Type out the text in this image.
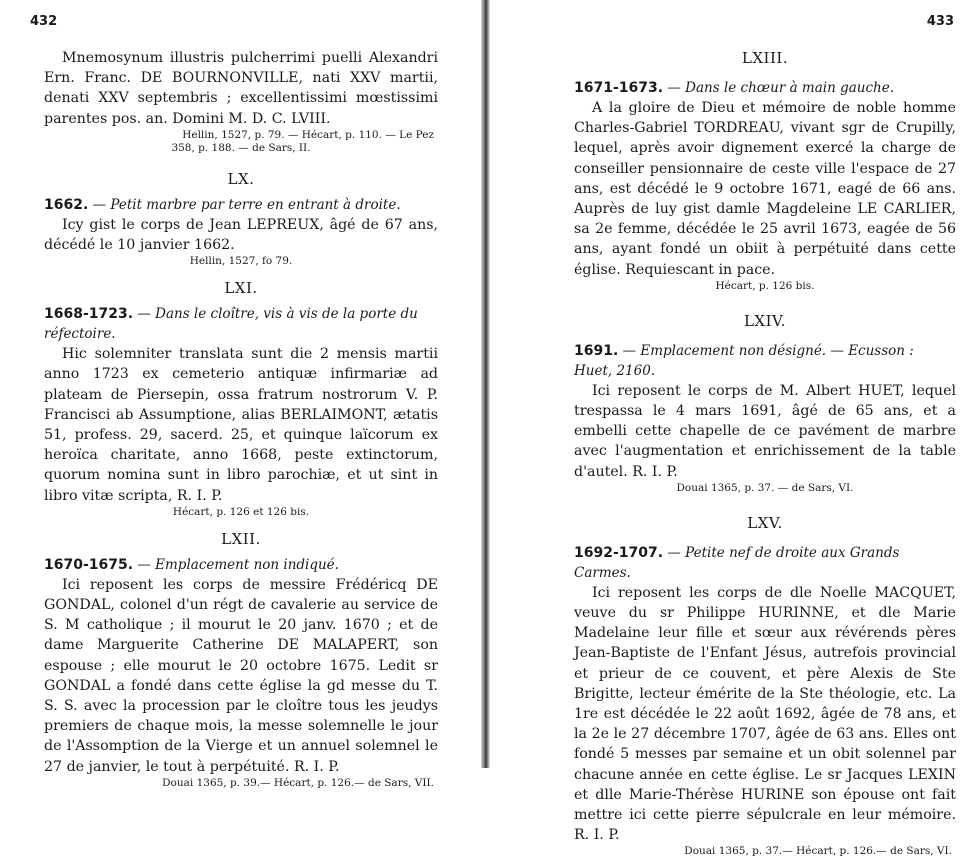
432

Mnemosynum illustris pulcherrimi puelli Alexandri Ern. Franc. DE BOURNONVILLE, nati XXV martii, denati XXV septembris ; excellentissimi mœstissimi parentes pos. an. Domini M. D. C. LVIII.

Hellin, 1527, p. 79. — Hécart, p. 110. — Le Pez
358, p. 188. — de Sars, II.
LX.
1662. — Petit marbre par terre en entrant à droite.

Icy gist le corps de Jean LEPREUX, âgé de 67 ans, décédé le 10 janvier 1662.

Hellin, 1527, fo 79.
LXI.
1668-1723. — Dans le cloître, vis à vis de la porte du réfectoire.

Hic solemniter translata sunt die 2 mensis martii anno 1723 ex cemeterio antiquæ infirmariæ ad plateam de Piersepin, ossa fratrum nostrorum V. P. Francisci ab Assumptione, alias BERLAIMONT, ætatis 51, profess. 29, sacerd. 25, et quinque laïcorum ex heroïca charitate, anno 1668, peste extinctorum, quorum nomina sunt in libro parochiæ, et ut sint in libro vitæ scripta, R. I. P.

Hécart, p. 126 et 126 bis.
LXII.
1670-1675. — Emplacement non indiqué.

Ici reposent les corps de messire Frédéricq DE GONDAL, colonel d'un régt de cavalerie au service de S. M catholique ; il mourut le 20 janv. 1670 ; et de dame Marguerite Catherine DE MALAPERT, son espouse ; elle mourut le 20 octobre 1675. Ledit sr GONDAL a fondé dans cette église la gd messe du T. S. S. avec la procession par le cloître tous les jeudys premiers de chaque mois, la messe solemnelle le jour de l'Assomption de la Vierge et un annuel solemnel le 27 de janvier, le tout à perpétuité. R. I. P.

Douai 1365, p. 39.— Hécart, p. 126.— de Sars, VII.
433
LXIII.
1671-1673. — Dans le chœur à main gauche.

A la gloire de Dieu et mémoire de noble homme Charles-Gabriel TORDREAU, vivant sgr de Crupilly, lequel, après avoir dignement exercé la charge de conseiller pensionnaire de ceste ville l'espace de 27 ans, est décédé le 9 octobre 1671, eagé de 66 ans. Auprès de luy gist damle Magdeleine LE CARLIER, sa 2e femme, décédée le 25 avril 1673, eagée de 56 ans, ayant fondé un obiit à perpétuité dans cette église. Requiescant in pace.

Hécart, p. 126 bis.
LXIV.
1691. — Emplacement non désigné. — Ecusson : Huet, 2160.

Ici reposent le corps de M. Albert HUET, lequel trespassa le 4 mars 1691, âgé de 65 ans, et a embelli cette chapelle de ce pavément de marbre avec l'augmentation et enrichissement de la table d'autel. R. I. P.

Douai 1365, p. 37. — de Sars, VI.
LXV.
1692-1707. — Petite nef de droite aux Grands Carmes.

Ici reposent les corps de dle Noelle MACQUET, veuve du sr Philippe HURINNE, et dle Marie Madelaine leur fille et sœur aux révérends pères Jean-Baptiste de l'Enfant Jésus, autrefois provincial et prieur de ce couvent, et père Alexis de Ste Brigitte, lecteur émérite de la Ste théologie, etc. La 1re est décédée le 22 août 1692, âgée de 78 ans, et la 2e le 27 décembre 1707, âgée de 63 ans. Elles ont fondé 5 messes par semaine et un obit solennel par chacune année en cette église. Le sr Jacques LEXIN et dlle Marie-Thérèse HURINE son épouse ont fait mettre ici cette pierre sépulcrale en leur mémoire. R. I. P.

Douai 1365, p. 37.— Hécart, p. 126.— de Sars, VI.
